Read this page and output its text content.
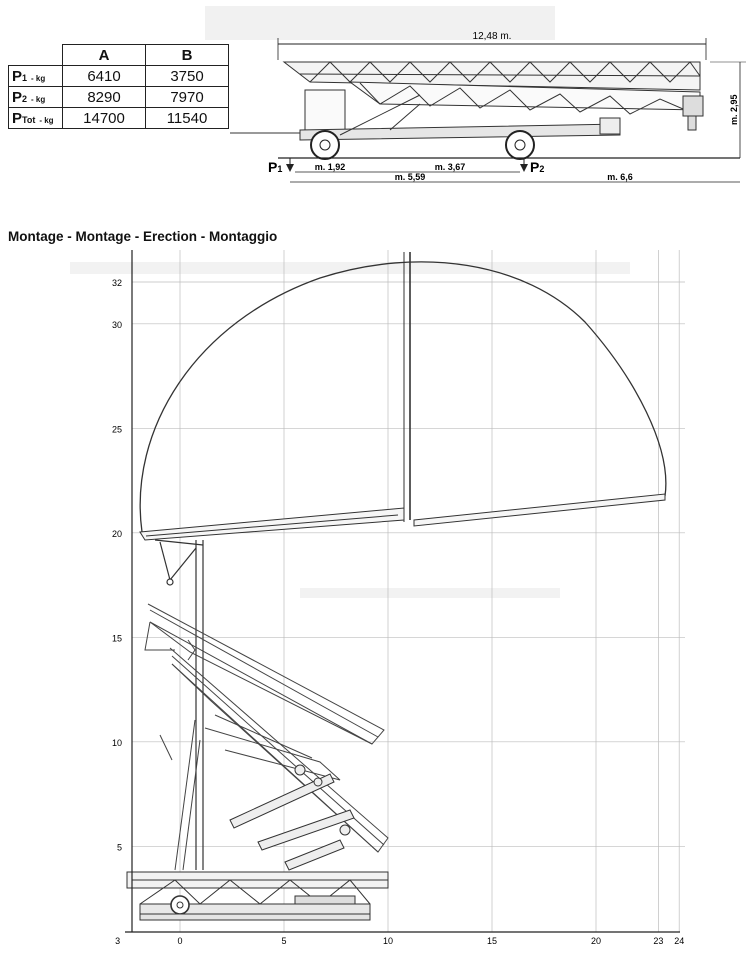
	A	B
P1 - kg	6410	3750
P2 - kg	8290	7970
PTot - kg	14700	11540
12,48 m.
P1	P2
m. 1,92	m. 3,67
m. 5,59	m. 6,6
m. 2,95
Montage - Montage - Erection - Montaggio
5
10
15
20
25
30
32
3	0	5	10	15	20	23 24
